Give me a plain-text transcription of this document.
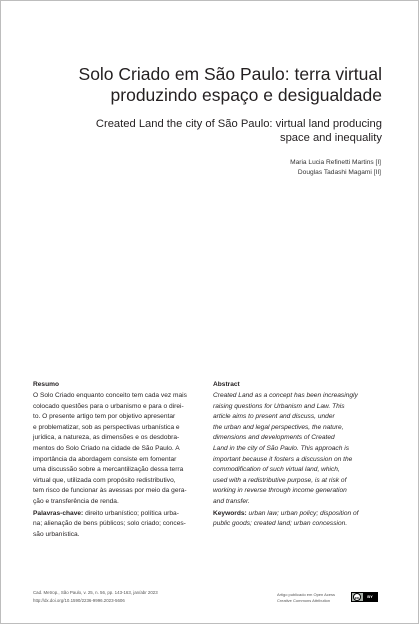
Solo Criado em São Paulo: terra virtual produzindo espaço e desigualdade
Created Land the city of São Paulo: virtual land producing space and inequality
Maria Lucia Refinetti Martins [I]
Douglas Tadashi Magami [II]
Resumo
O Solo Criado enquanto conceito tem cada vez mais
colocado questões para o urbanismo e para o direi-
to. O presente artigo tem por objetivo apresentar
e problematizar, sob as perspectivas urbanística e
jurídica, a natureza, as dimensões e os desdobra-
mentos do Solo Criado na cidade de São Paulo. A
importância da abordagem consiste em fomentar
uma discussão sobre a mercantilização dessa terra
virtual que, utilizada com propósito redistributivo,
tem risco de funcionar às avessas por meio da gera-
ção e transferência de renda.
Palavras-chave: direito urbanístico; política urba-
na; alienação de bens públicos; solo criado; conces-
são urbanística.
Abstract
Created Land as a concept has been increasingly
raising questions for Urbanism and Law. This
article aims to present and discuss, under
the urban and legal perspectives, the nature,
dimensions and developments of Created
Land in the city of São Paulo. This approach is
important because it fosters a discussion on the
commodification of such virtual land, which,
used with a redistributive purpose, is at risk of
working in reverse through income generation
and transfer.
Keywords: urban law; urban policy; disposition of
public goods; created land; urban concession.
Cad. Metrop., São Paulo, v. 25, n. 56, pp. 143-163, jan/abr 2023
http://dx.doi.org/10.1590/2236-9996.2023-5606
Artigo publicado em Open Acess
Creative Commons Attribution	cc	BY
